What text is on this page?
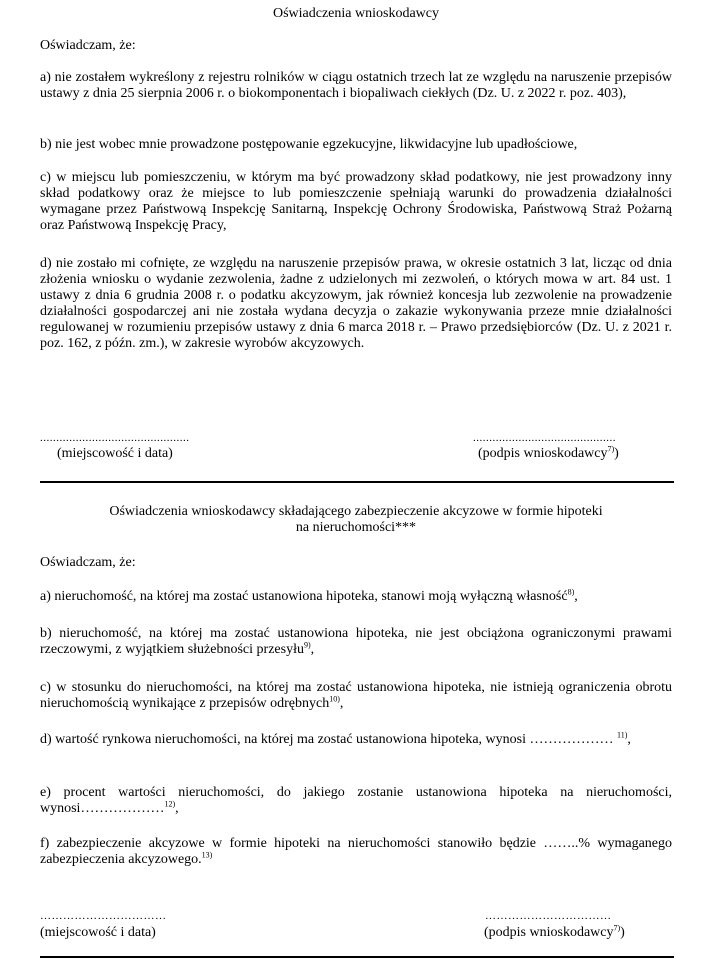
Oświadczenia wnioskodawcy
Oświadczam, że:
a) nie zostałem wykreślony z rejestru rolników w ciągu ostatnich trzech lat ze względu na naruszenie przepisów ustawy z dnia 25 sierpnia 2006 r. o biokomponentach i biopaliwach ciekłych (Dz. U. z 2022 r. poz. 403),
b) nie jest wobec mnie prowadzone postępowanie egzekucyjne, likwidacyjne lub upadłościowe,
c) w miejscu lub pomieszczeniu, w którym ma być prowadzony skład podatkowy, nie jest prowadzony inny skład podatkowy oraz że miejsce to lub pomieszczenie spełniają warunki do prowadzenia działalności wymagane przez Państwową Inspekcję Sanitarną, Inspekcję Ochrony Środowiska, Państwową Straż Pożarną oraz Państwową Inspekcję Pracy,
d) nie zostało mi cofnięte, ze względu na naruszenie przepisów prawa, w okresie ostatnich 3 lat, licząc od dnia złożenia wniosku o wydanie zezwolenia, żadne z udzielonych mi zezwoleń, o których mowa w art. 84 ust. 1 ustawy z dnia 6 grudnia 2008 r. o podatku akcyzowym, jak również koncesja lub zezwolenie na prowadzenie działalności gospodarczej ani nie została wydana decyzja o zakazie wykonywania przeze mnie działalności regulowanej w rozumieniu przepisów ustawy z dnia 6 marca 2018 r. – Prawo przedsiębiorców (Dz. U. z 2021 r. poz. 162, z późn. zm.), w zakresie wyrobów akcyzowych.
..............................................
(miejscowość i data)
............................................
(podpis wnioskodawcy$^{7)}$)
Oświadczenia wnioskodawcy składającego zabezpieczenie akcyzowe w formie hipoteki
na nieruchomości***
Oświadczam, że:
a) nieruchomość, na której ma zostać ustanowiona hipoteka, stanowi moją wyłączną własność$^{8)}$,
b) nieruchomość, na której ma zostać ustanowiona hipoteka, nie jest obciążona ograniczonymi prawami rzeczowymi, z wyjątkiem służebności przesyłu$^{9)}$,
c) w stosunku do nieruchomości, na której ma zostać ustanowiona hipoteka, nie istnieją ograniczenia obrotu nieruchomością wynikające z przepisów odrębnych$^{10)}$,
d) wartość rynkowa nieruchomości, na której ma zostać ustanowiona hipoteka, wynosi ……………… $^{11)}$,
e) procent wartości nieruchomości, do jakiego zostanie ustanowiona hipoteka na nieruchomości, wynosi………………$^{12)}$,
f) zabezpieczenie akcyzowe w formie hipoteki na nieruchomości stanowiło będzie ……..% wymaganego zabezpieczenia akcyzowego.$^{13)}$
……………………………
(miejscowość i data)
……………………………
(podpis wnioskodawcy$^{7)}$)
